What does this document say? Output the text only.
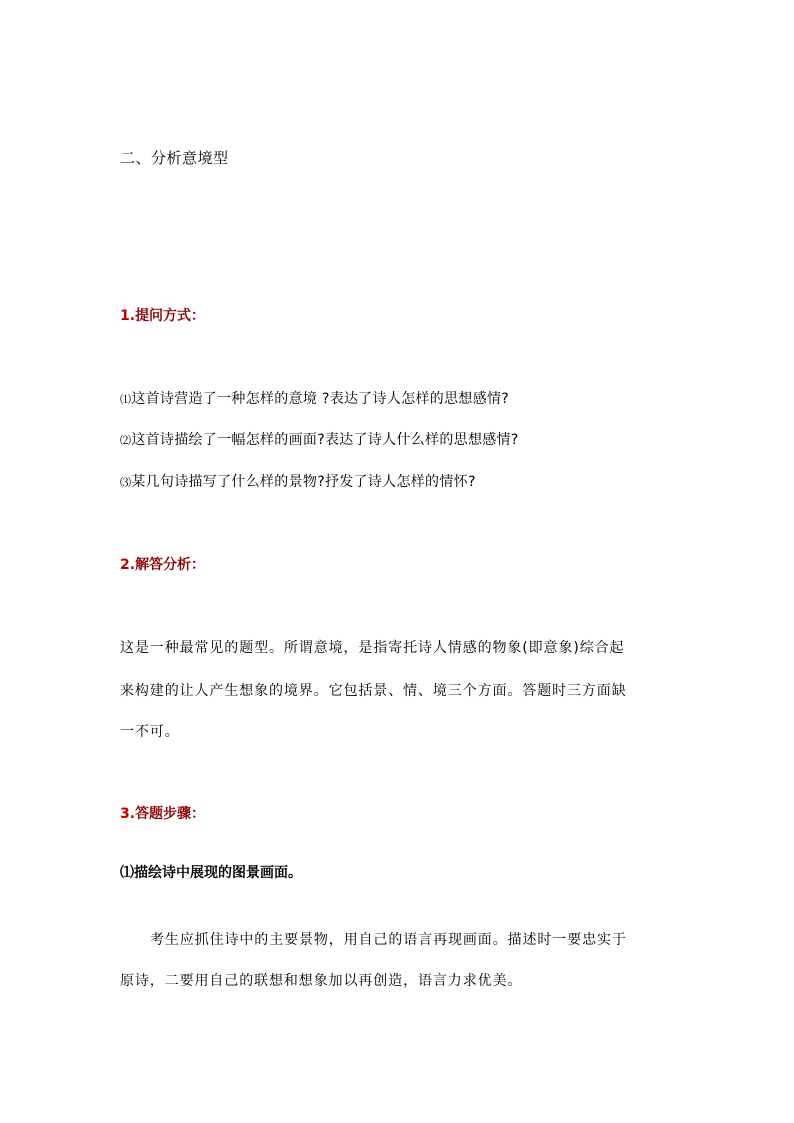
二、分析意境型
1.提问方式：
⑴这首诗营造了一种怎样的意境 ?表达了诗人怎样的思想感情?
⑵这首诗描绘了一幅怎样的画面?表达了诗人什么样的思想感情?
⑶某几句诗描写了什么样的景物?抒发了诗人怎样的情怀?
2.解答分析：
这是一种最常见的题型。所谓意境，是指寄托诗人情感的物象(即意象)综合起
来构建的让人产生想象的境界。它包括景、情、境三个方面。答题时三方面缺
一不可。
3.答题步骤：
⑴描绘诗中展现的图景画面。
考生应抓住诗中的主要景物，用自己的语言再现画面。描述时一要忠实于
原诗，二要用自己的联想和想象加以再创造，语言力求优美。
